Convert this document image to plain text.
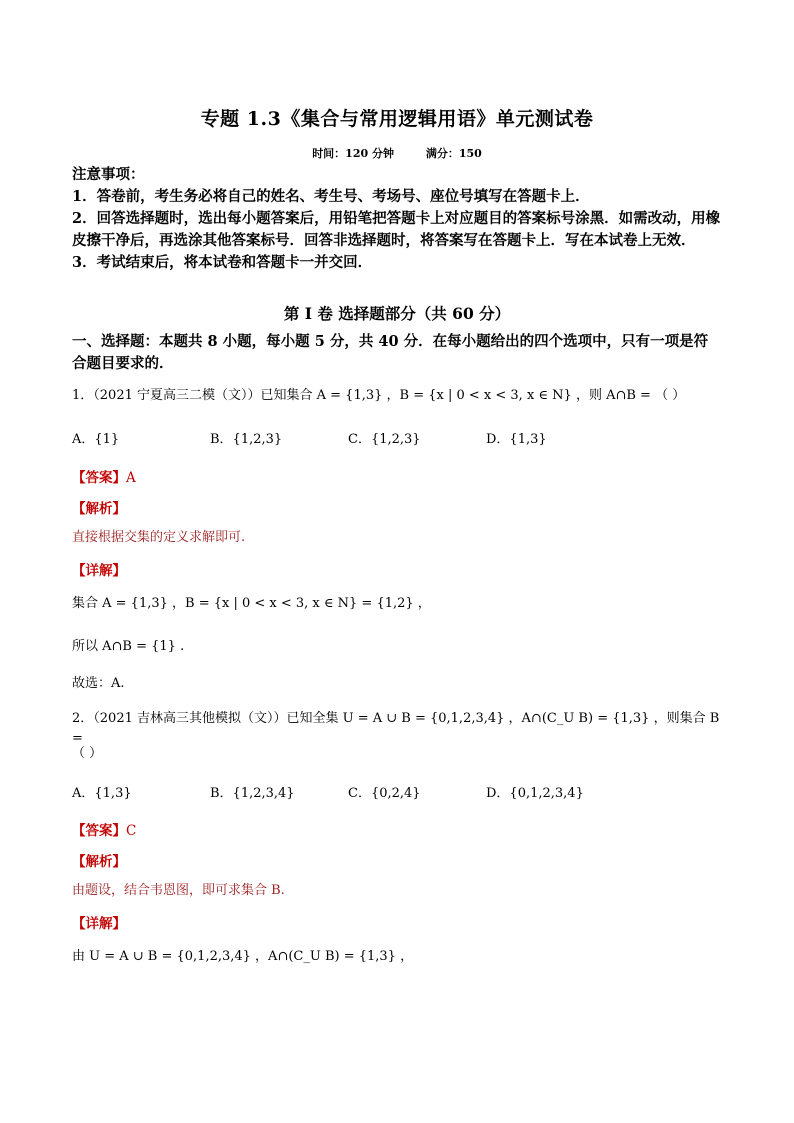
专题 1.3《集合与常用逻辑用语》单元测试卷
时间：120 分钟	满分：150

注意事项：

1．答卷前，考生务必将自己的姓名、考生号、考场号、座位号填写在答题卡上．

2．回答选择题时，选出每小题答案后，用铅笔把答题卡上对应题目的答案标号涂黑．如需改动，用橡皮擦干净后，再选涂其他答案标号．回答非选择题时，将答案写在答题卡上．写在本试卷上无效．

3．考试结束后，将本试卷和答题卡一并交回．

第 I 卷 选择题部分（共 60 分）
一、选择题：本题共 8 小题，每小题 5 分，共 40 分．在每小题给出的四个选项中，只有一项是符合题目要求的．
1．（2021 宁夏高三二模（文））已知集合 A = {1,3} ，B = {x | 0 < x < 3, x ∈ N} ，则 A∩B = （ ）
A．{1}	B．{1,2,3}	C．{1,2,3}	D．{1,3}
【答案】A
【解析】
直接根据交集的定义求解即可.
【详解】
集合 A = {1,3} ，B = {x | 0 < x < 3, x ∈ N} = {1,2} ，
所以 A∩B = {1} .
故选：A.
2．（2021 吉林高三其他模拟（文））已知全集 U = A ∪ B = {0,1,2,3,4} ，A∩(C_U B) = {1,3} ，则集合 B =
（ ）
A．{1,3}	B．{1,2,3,4}	C．{0,2,4}	D．{0,1,2,3,4}
【答案】C
【解析】
由题设，结合韦恩图，即可求集合 B.
【详解】
由 U = A ∪ B = {0,1,2,3,4} ，A∩(C_U B) = {1,3} ，
